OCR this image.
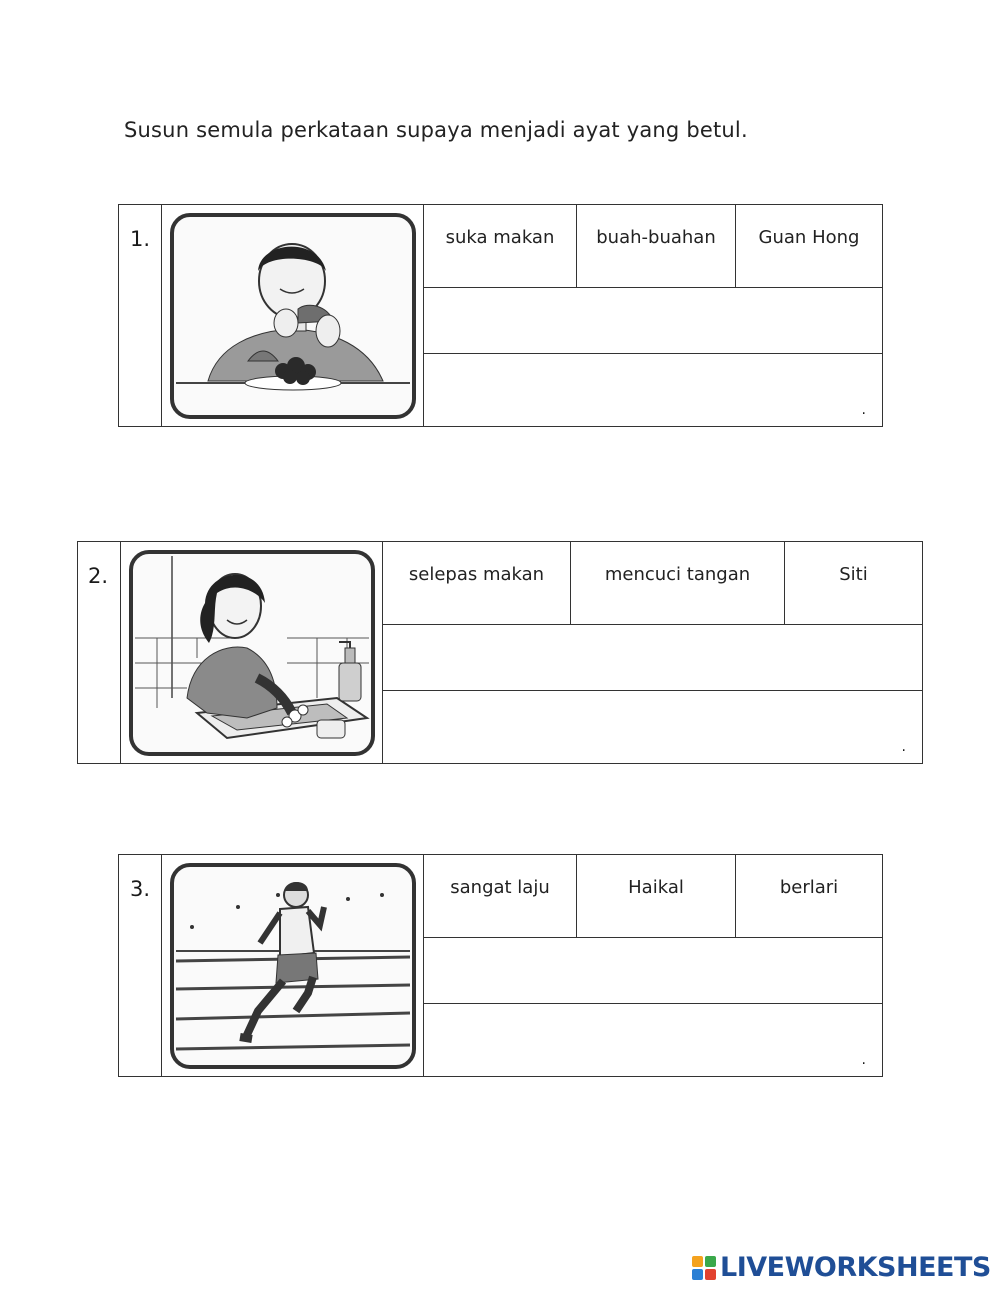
Susun semula perkataan supaya menjadi ayat yang betul.
1.	suka makan	buah-buahan	Guan Hong
.
2.	selepas makan	mencuci tangan	Siti
.
3.	sangat laju	Haikal	berlari
.
LIVEWORKSHEETS
